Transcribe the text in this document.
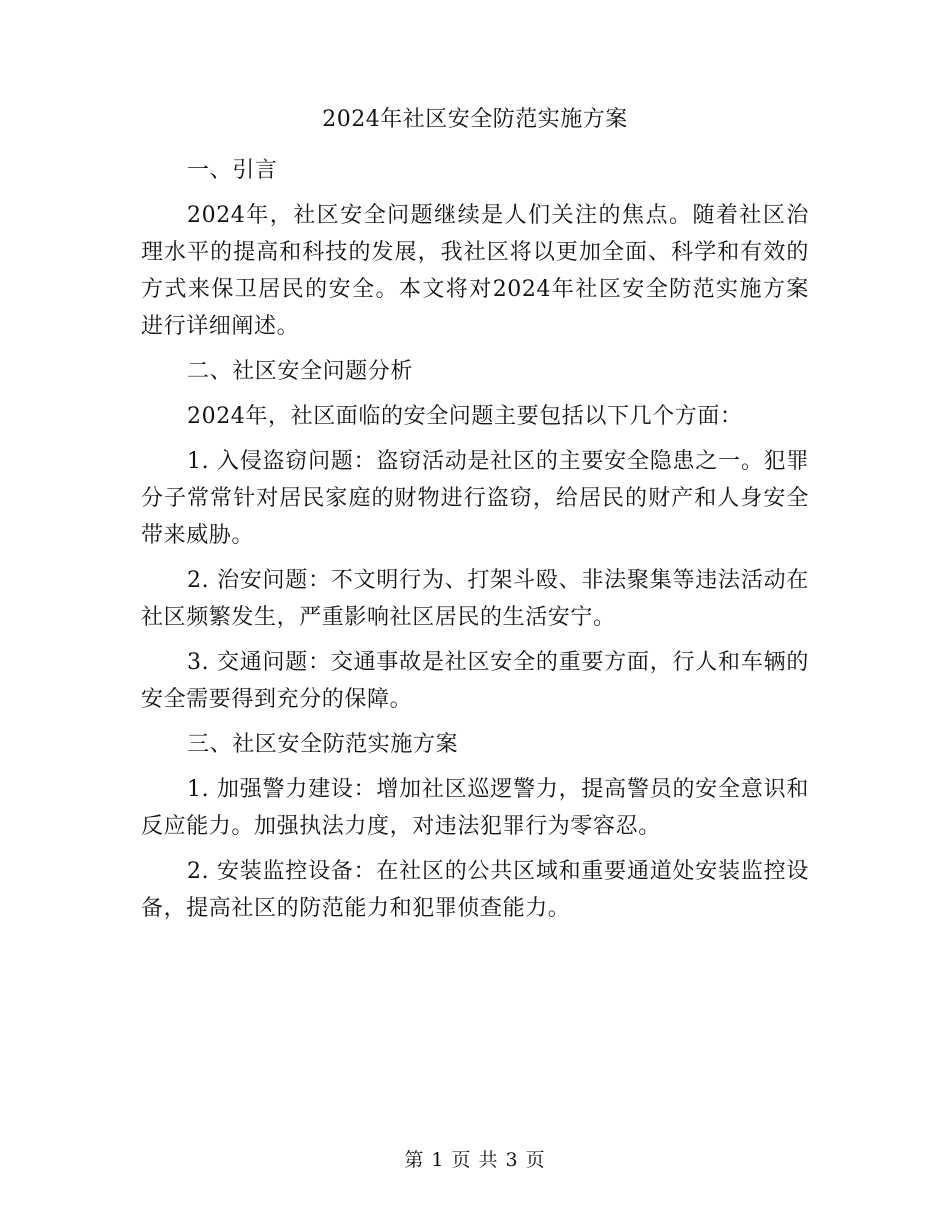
2024年社区安全防范实施方案

一、引言

2024年，社区安全问题继续是人们关注的焦点。随着社区治理水平的提高和科技的发展，我社区将以更加全面、科学和有效的方式来保卫居民的安全。本文将对2024年社区安全防范实施方案进行详细阐述。

二、社区安全问题分析

2024年，社区面临的安全问题主要包括以下几个方面：

1. 入侵盗窃问题：盗窃活动是社区的主要安全隐患之一。犯罪分子常常针对居民家庭的财物进行盗窃，给居民的财产和人身安全带来威胁。

2. 治安问题：不文明行为、打架斗殴、非法聚集等违法活动在社区频繁发生，严重影响社区居民的生活安宁。

3. 交通问题：交通事故是社区安全的重要方面，行人和车辆的安全需要得到充分的保障。

三、社区安全防范实施方案

1. 加强警力建设：增加社区巡逻警力，提高警员的安全意识和反应能力。加强执法力度，对违法犯罪行为零容忍。

2. 安装监控设备：在社区的公共区域和重要通道处安装监控设备，提高社区的防范能力和犯罪侦查能力。

第 1 页 共 3 页
